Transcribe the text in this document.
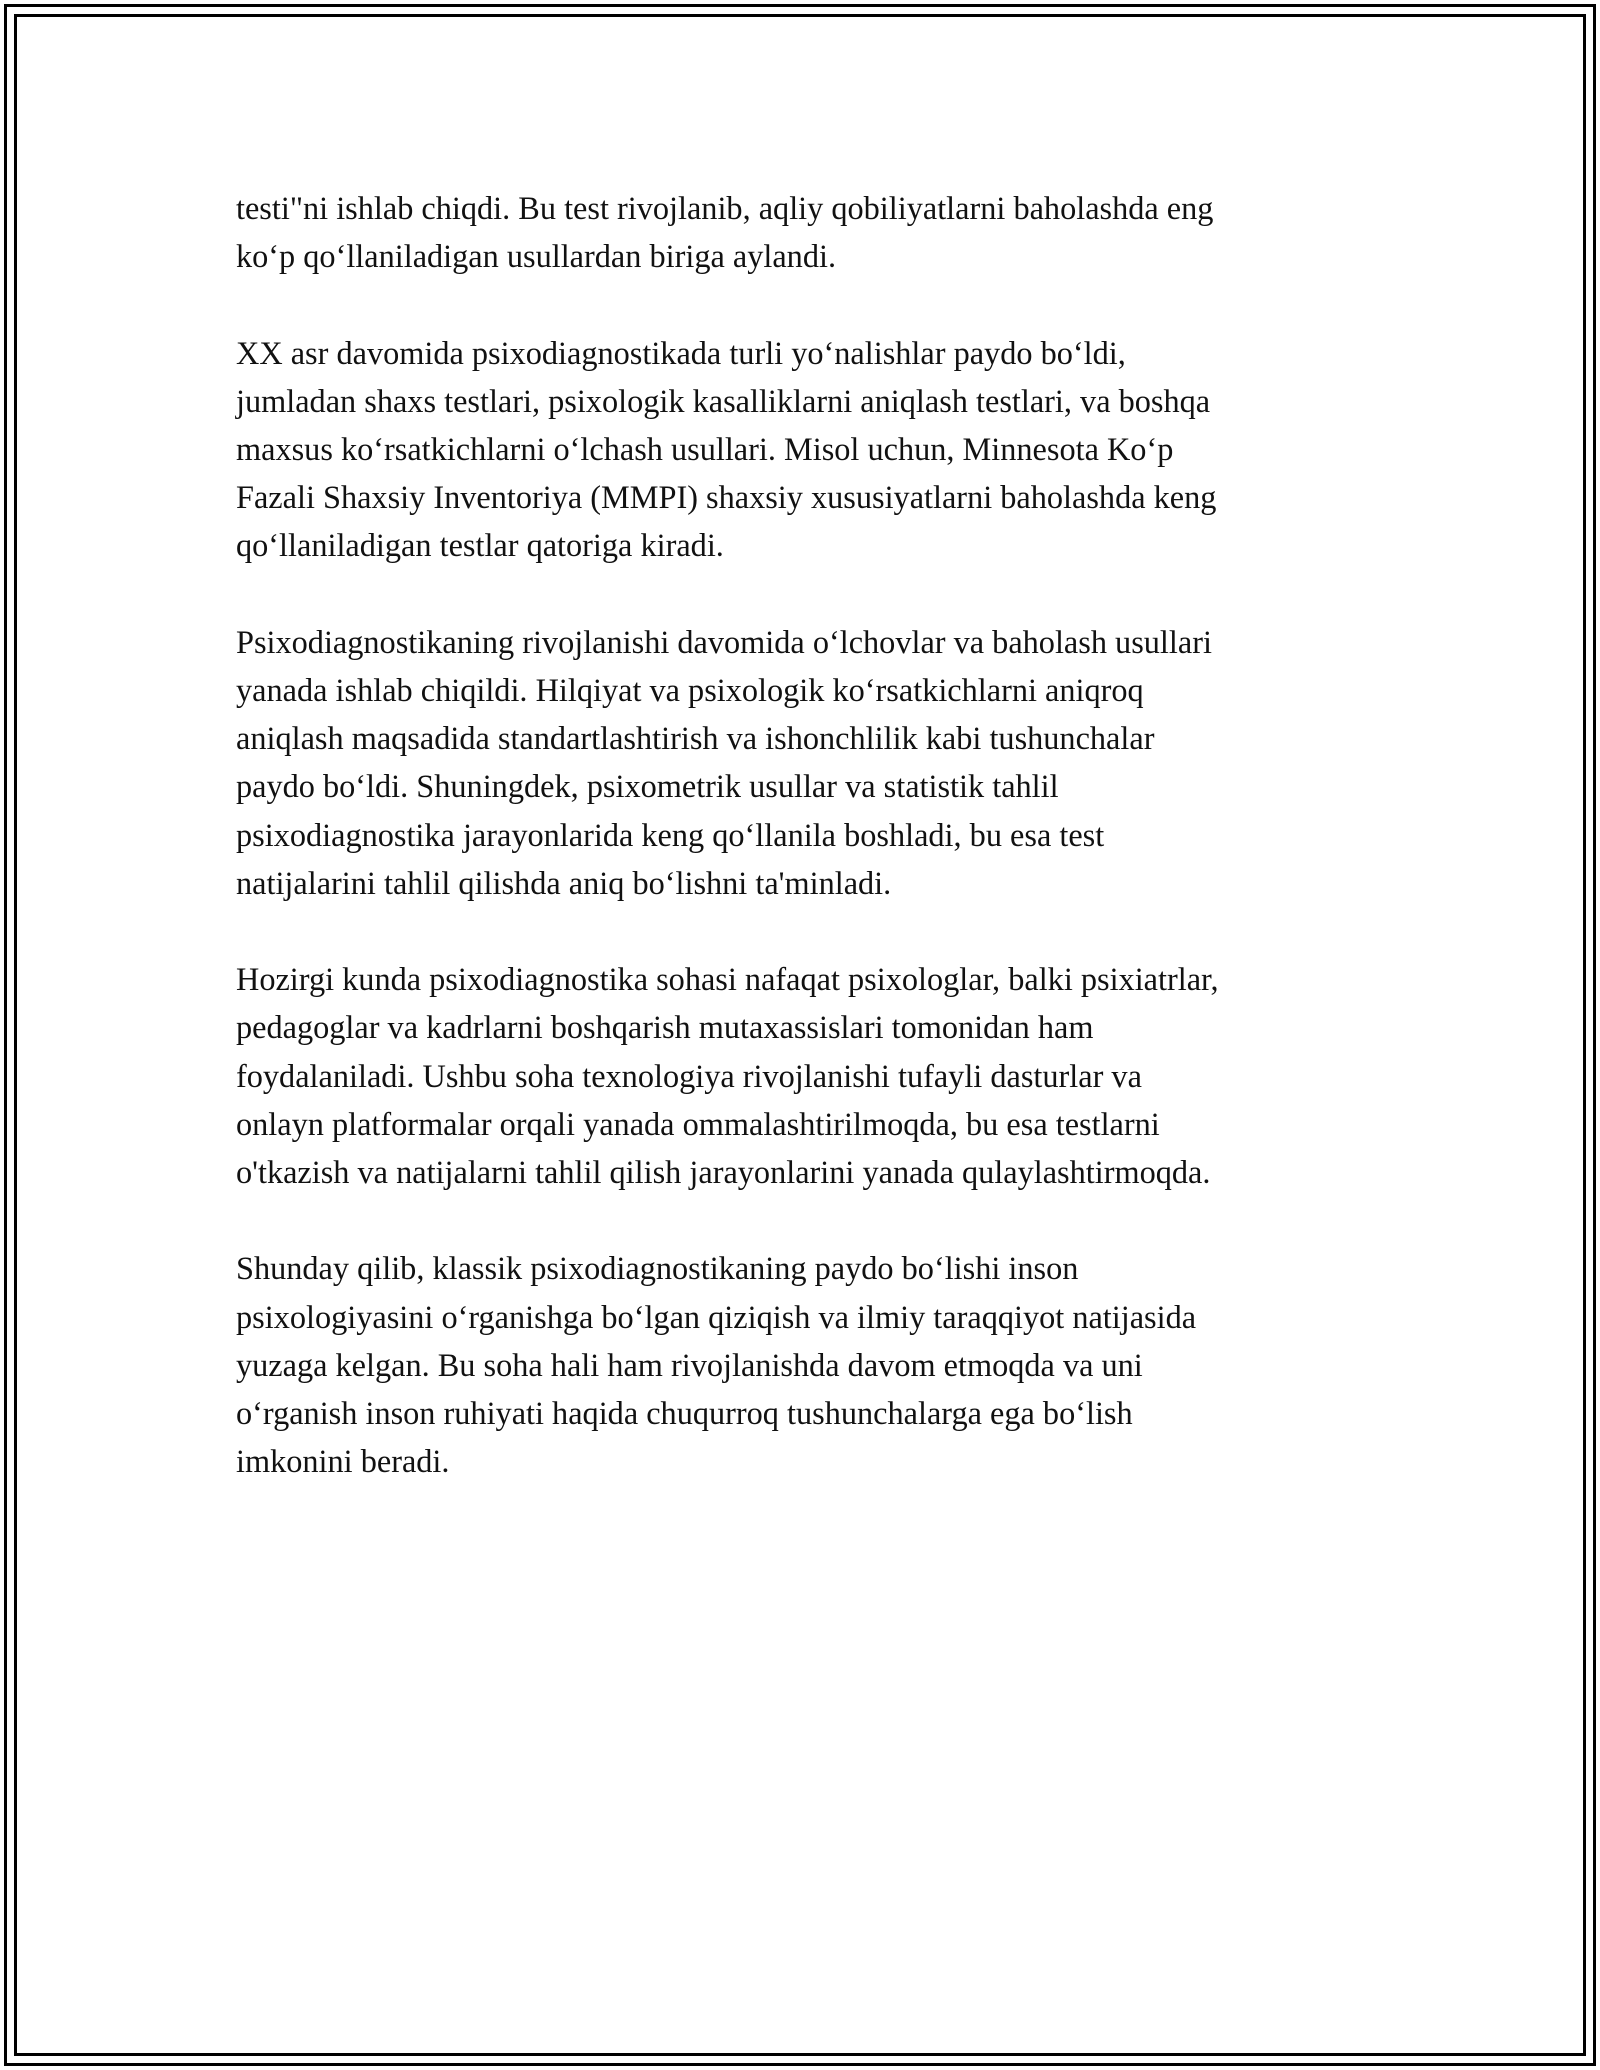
testi"ni ishlab chiqdi. Bu test rivojlanib, aqliy qobiliyatlarni baholashda eng
ko‘p qo‘llaniladigan usullardan biriga aylandi.

XX asr davomida psixodiagnostikada turli yo‘nalishlar paydo bo‘ldi,
jumladan shaxs testlari, psixologik kasalliklarni aniqlash testlari, va boshqa
maxsus ko‘rsatkichlarni o‘lchash usullari. Misol uchun, Minnesota Ko‘p
Fazali Shaxsiy Inventoriya (MMPI) shaxsiy xususiyatlarni baholashda keng
qo‘llaniladigan testlar qatoriga kiradi.

Psixodiagnostikaning rivojlanishi davomida o‘lchovlar va baholash usullari
yanada ishlab chiqildi. Hilqiyat va psixologik ko‘rsatkichlarni aniqroq
aniqlash maqsadida standartlashtirish va ishonchlilik kabi tushunchalar
paydo bo‘ldi. Shuningdek, psixometrik usullar va statistik tahlil
psixodiagnostika jarayonlarida keng qo‘llanila boshladi, bu esa test
natijalarini tahlil qilishda aniq bo‘lishni ta'minladi.

Hozirgi kunda psixodiagnostika sohasi nafaqat psixologlar, balki psixiatrlar,
pedagoglar va kadrlarni boshqarish mutaxassislari tomonidan ham
foydalaniladi. Ushbu soha texnologiya rivojlanishi tufayli dasturlar va
onlayn platformalar orqali yanada ommalashtirilmoqda, bu esa testlarni
o'tkazish va natijalarni tahlil qilish jarayonlarini yanada qulaylashtirmoqda.

Shunday qilib, klassik psixodiagnostikaning paydo bo‘lishi inson
psixologiyasini o‘rganishga bo‘lgan qiziqish va ilmiy taraqqiyot natijasida
yuzaga kelgan. Bu soha hali ham rivojlanishda davom etmoqda va uni
o‘rganish inson ruhiyati haqida chuqurroq tushunchalarga ega bo‘lish
imkonini beradi.
